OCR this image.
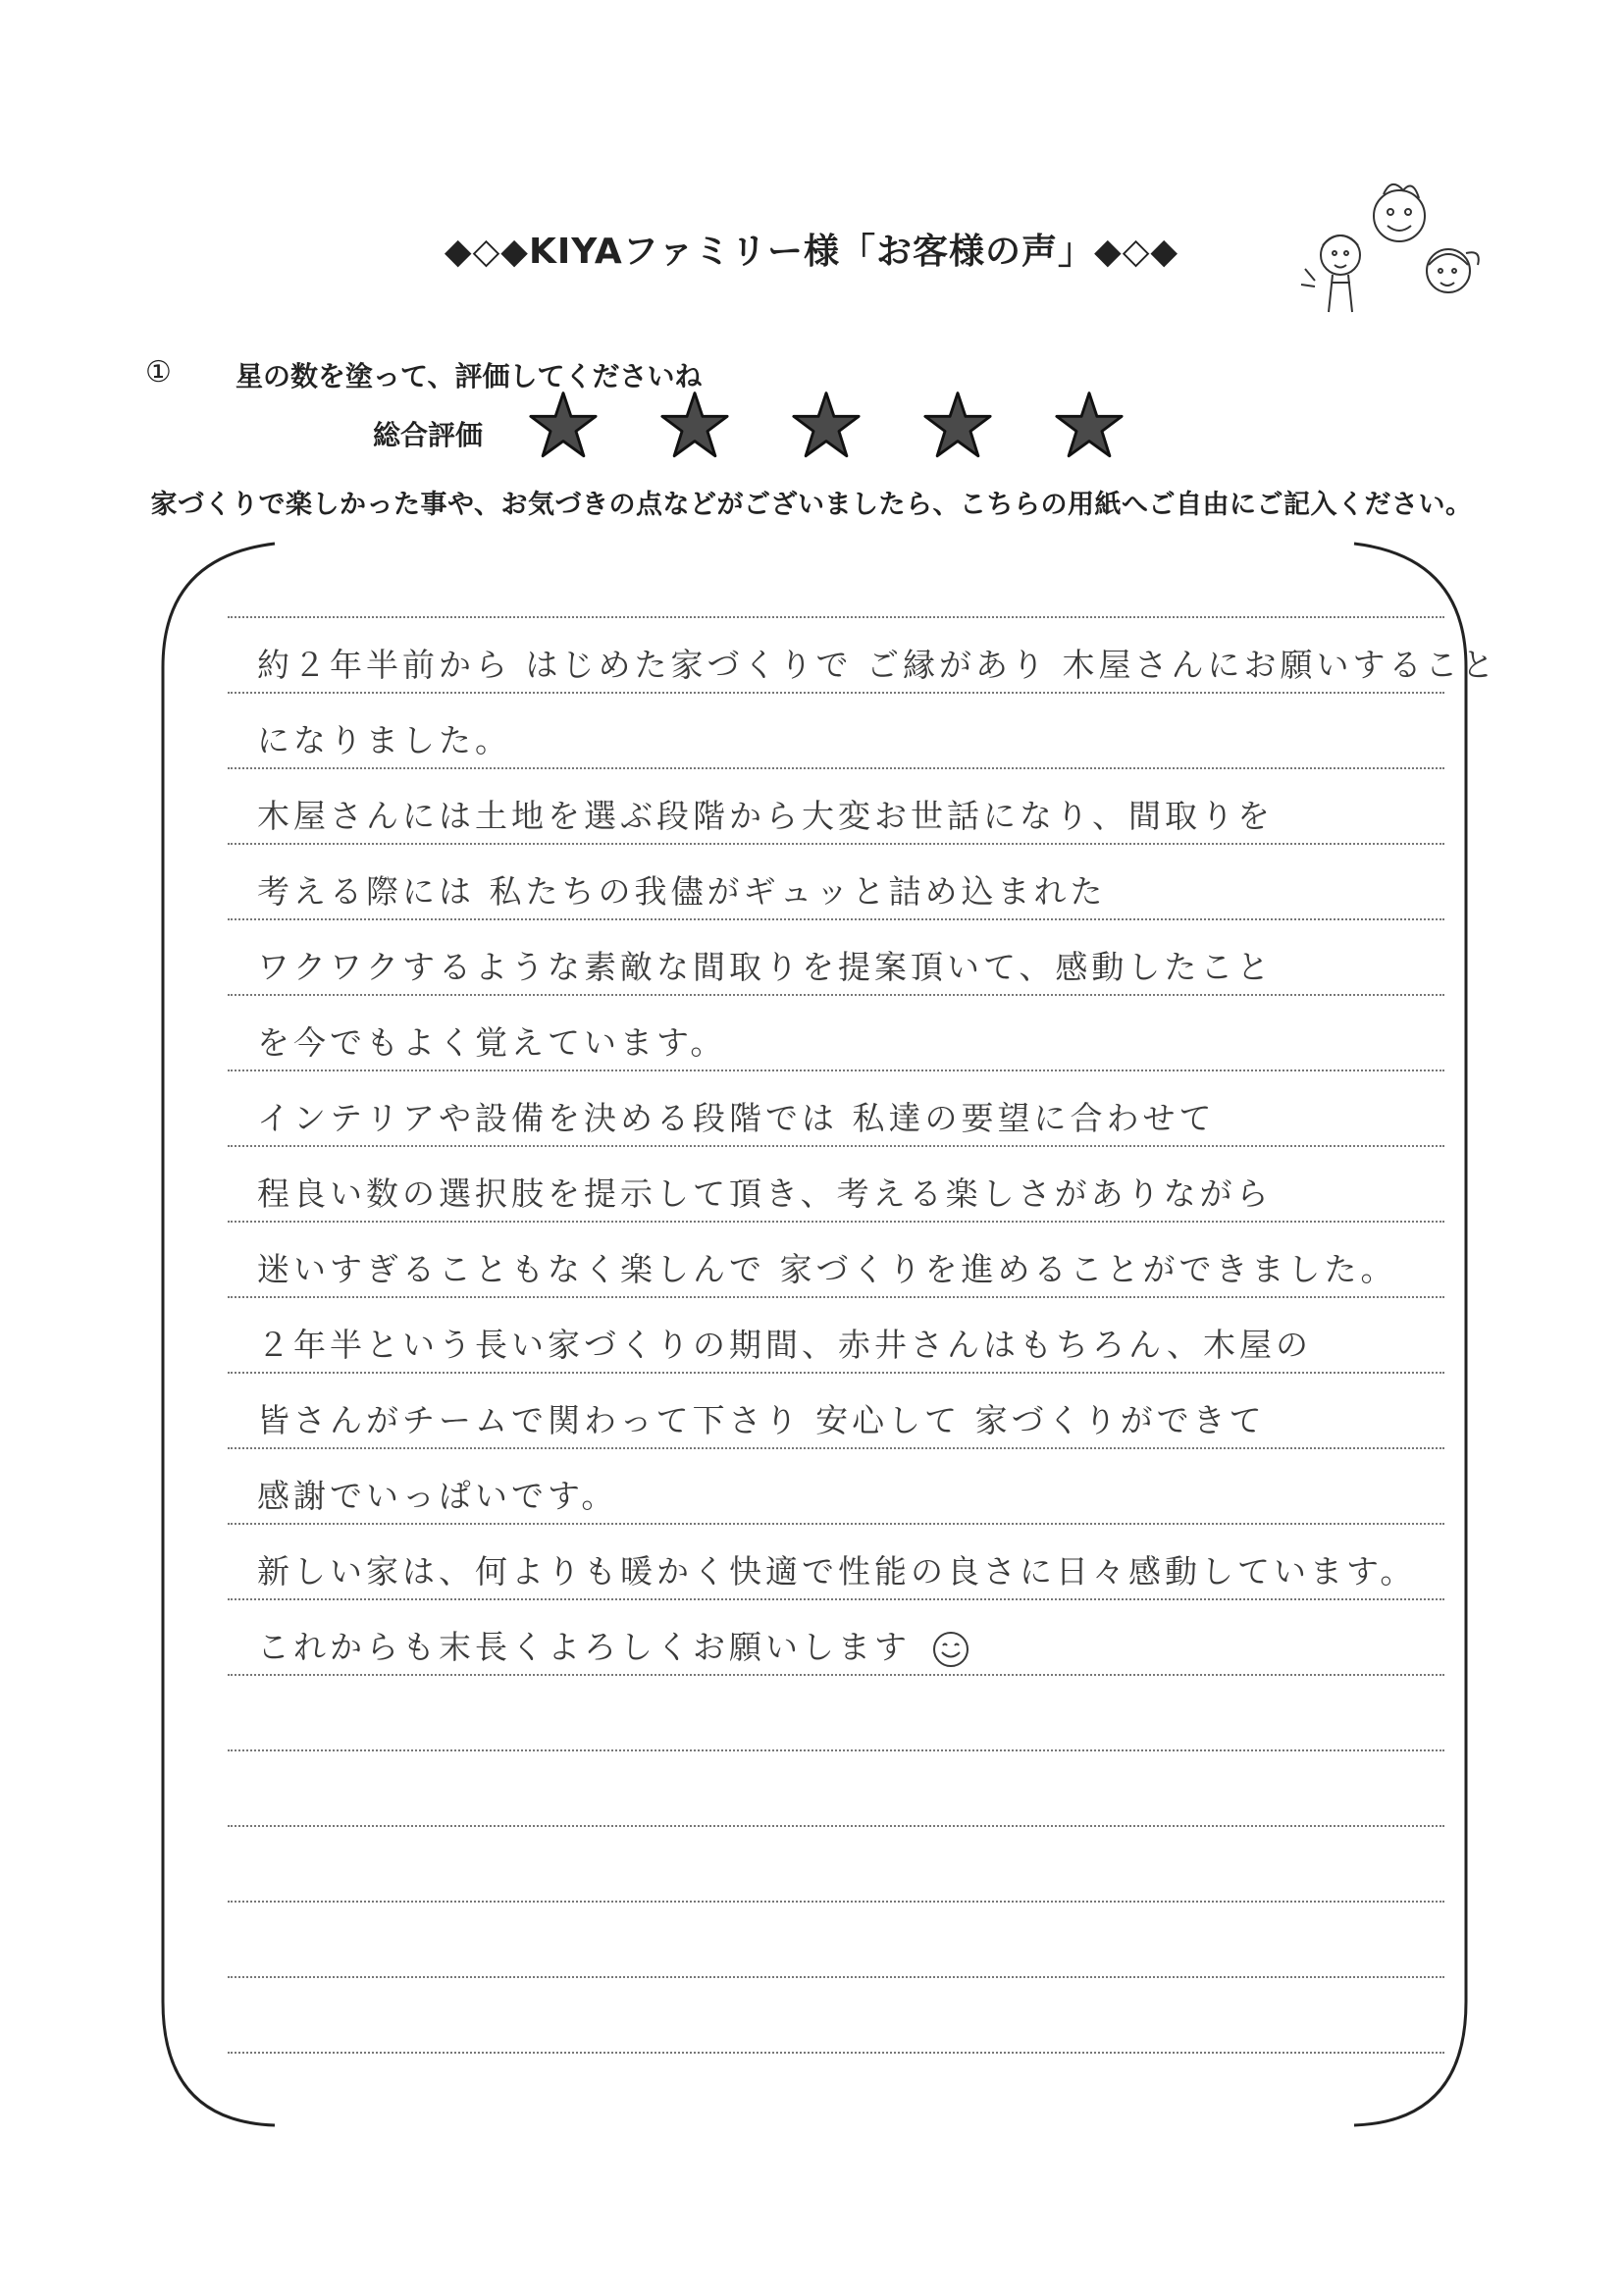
◆◇◆KIYAファミリー様「お客様の声」◆◇◆
① 星の数を塗って、評価してくださいね
総合評価
家づくりで楽しかった事や、お気づきの点などがございましたら、こちらの用紙へご自由にご記入ください。
約２年半前から はじめた家づくりで ご縁があり 木屋さんにお願いすること
になりました。
木屋さんには土地を選ぶ段階から大変お世話になり、間取りを
考える際には 私たちの我儘がギュッと詰め込まれた
ワクワクするような素敵な間取りを提案頂いて、感動したこと
を今でもよく覚えています。
インテリアや設備を決める段階では 私達の要望に合わせて
程良い数の選択肢を提示して頂き、考える楽しさがありながら
迷いすぎることもなく楽しんで 家づくりを進めることができました。
２年半という長い家づくりの期間、赤井さんはもちろん、木屋の
皆さんがチームで関わって下さり 安心して 家づくりができて
感謝でいっぱいです。
新しい家は、何よりも暖かく快適で性能の良さに日々感動しています。
これからも末長くよろしくお願いします
